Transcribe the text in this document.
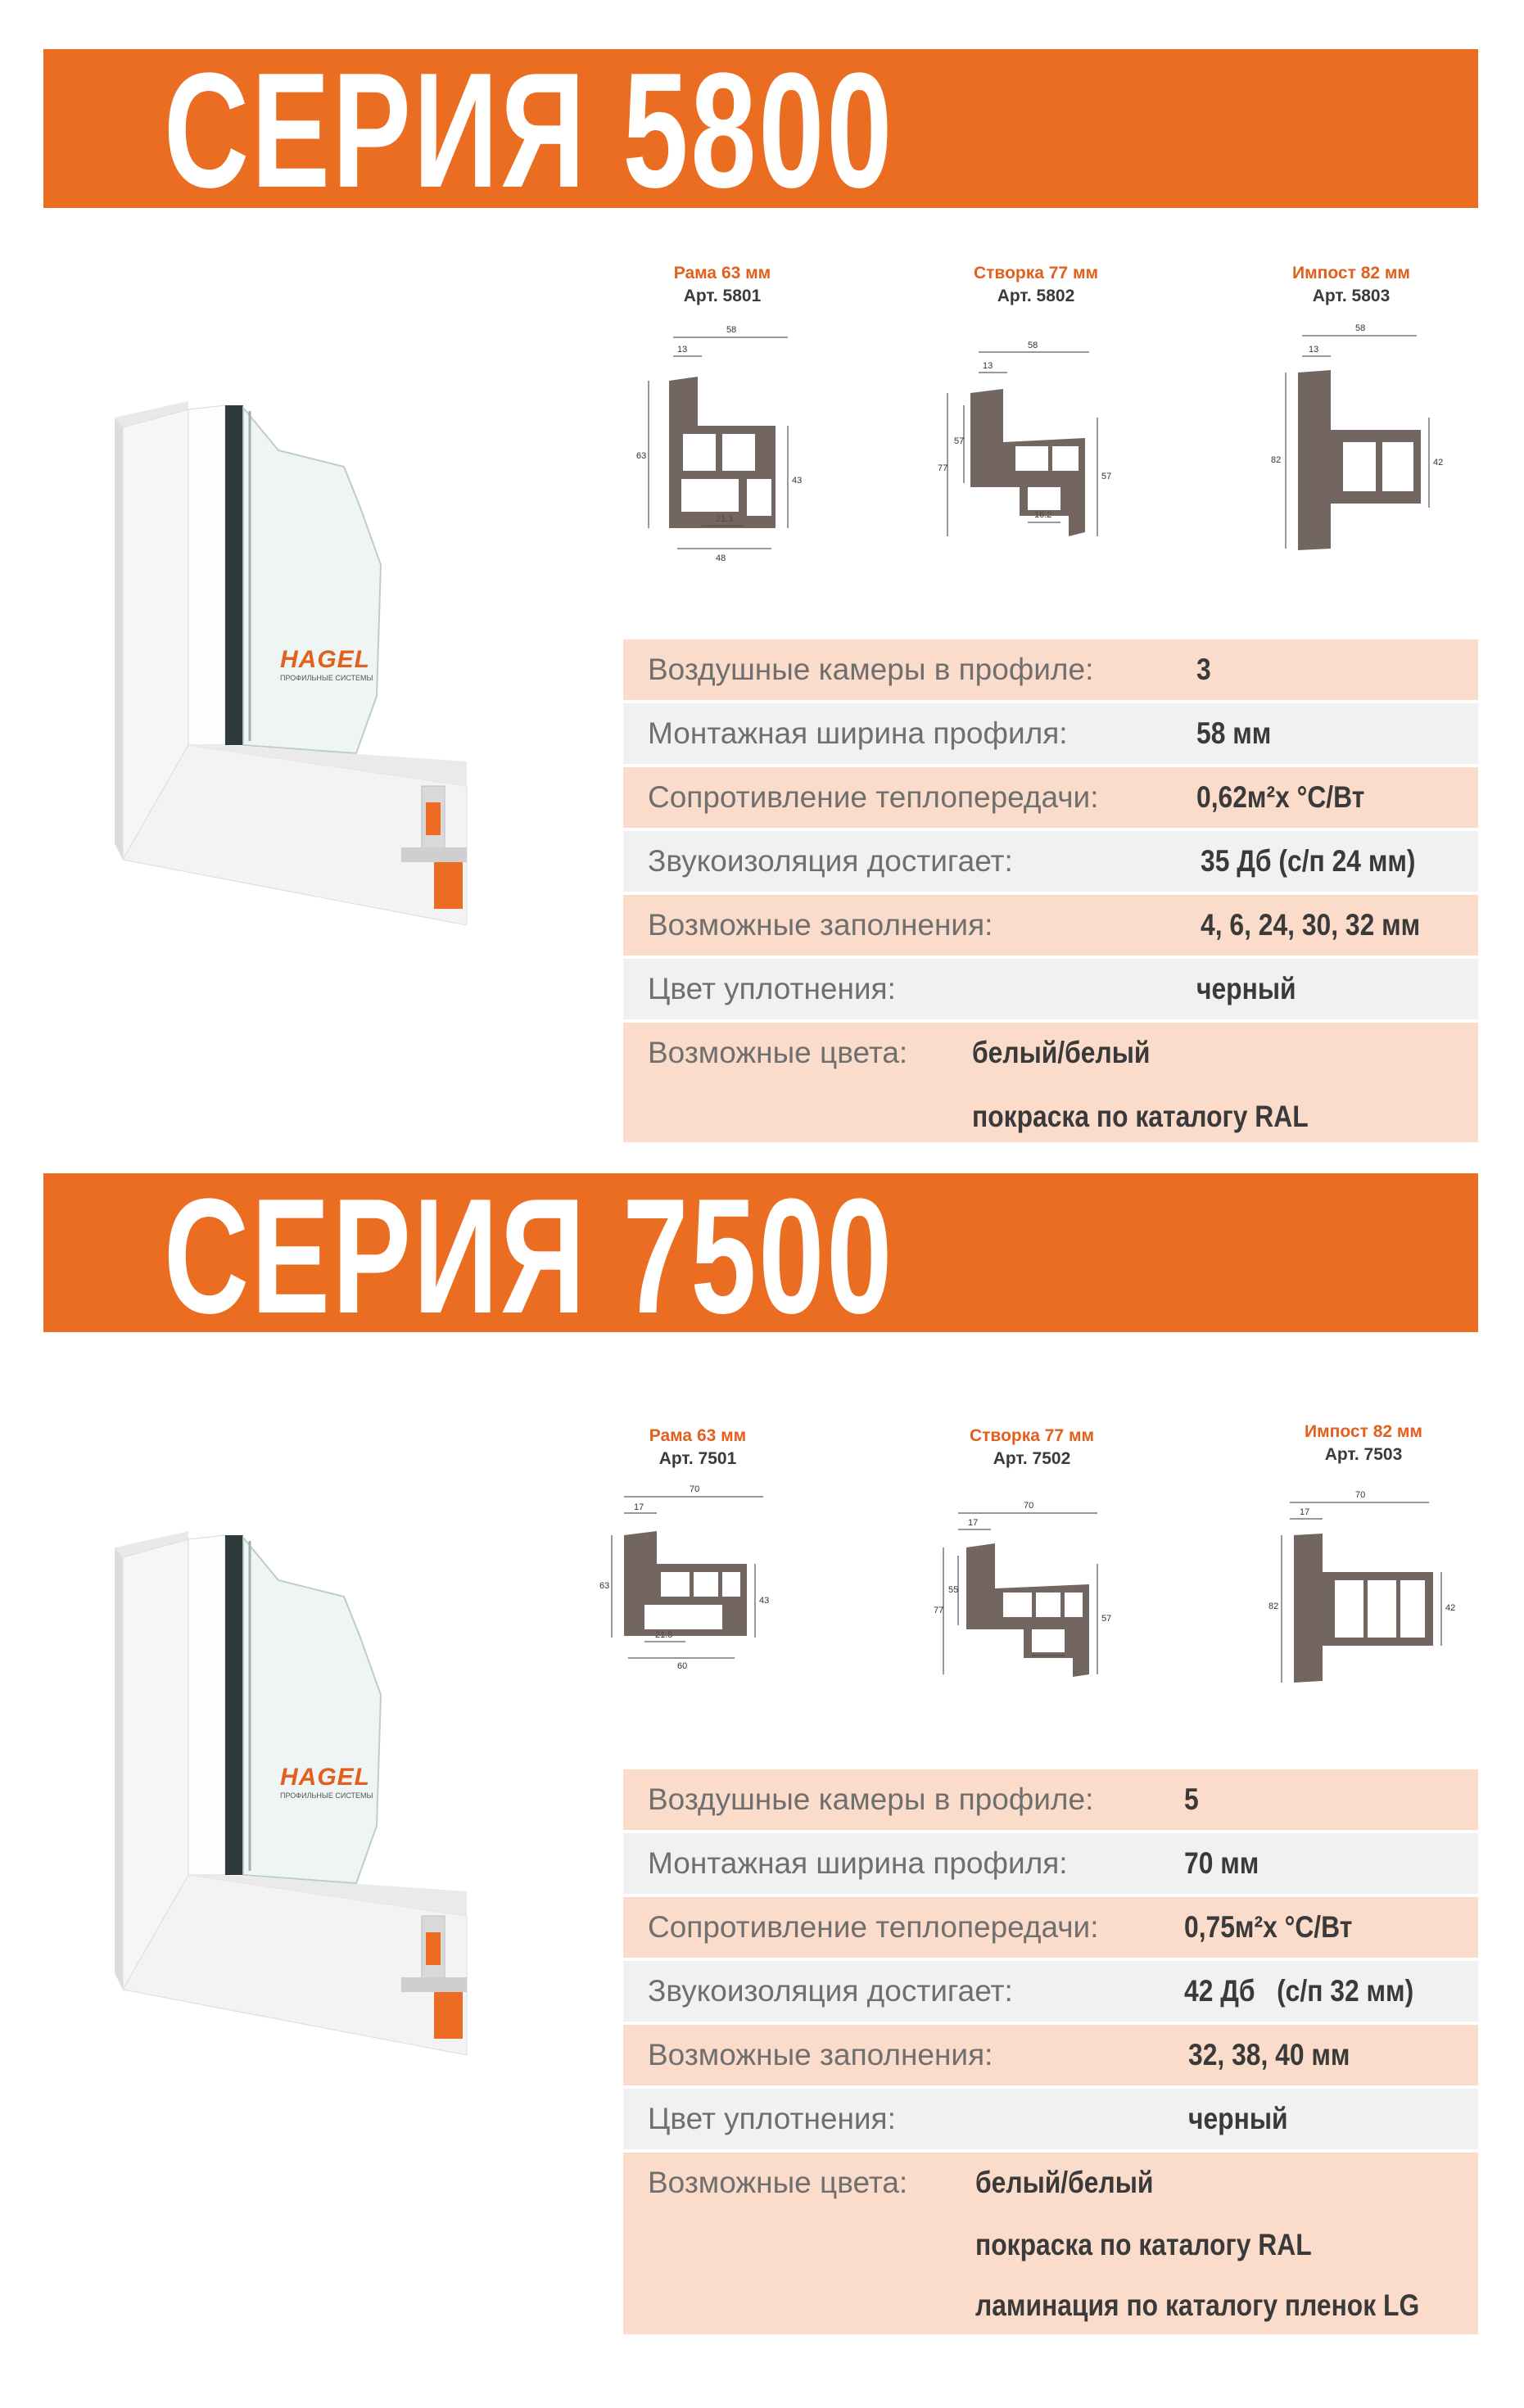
СЕРИЯ 5800
HAGEL
ПРОФИЛЬНЫЕ СИСТЕМЫ
Рама 63 мм
Арт. 5801
58
13
63
43
48
Створка 77 мм
Арт. 5802
58
13
77
57
57
Импост 82 мм
Арт. 5803
58
13
82	42
Воздушные камеры в профиле:	3
Монтажная ширина профиля:	58 мм
Сопротивление теплопередачи:	0,62м²х °С/Вт
Звукоизоляция достигает:	35 Дб (с/п 24 мм)
Возможные заполнения:	4, 6, 24, 30, 32 мм
Цвет уплотнения:	черный
Возможные цвета: белый/белый
покраска по каталогу RAL
СЕРИЯ 7500
HAGEL
ПРОФИЛЬНЫЕ СИСТЕМЫ
Рама 63 мм
Арт. 7501
70
17
63
43
60
Створка 77 мм
Арт. 7502
70
17
77
55
57
Импост 82 мм
Арт. 7503
70
17
82	42
Воздушные камеры в профиле:	5
Монтажная ширина профиля:	70 мм
Сопротивление теплопередачи:	0,75м²х °С/Вт
Звукоизоляция достигает:	42 Дб   (с/п 32 мм)
Возможные заполнения:	32, 38, 40 мм
Цвет уплотнения:	черный
Возможные цвета: белый/белый
покраска по каталогу RAL
ламинация по каталогу пленок LG
